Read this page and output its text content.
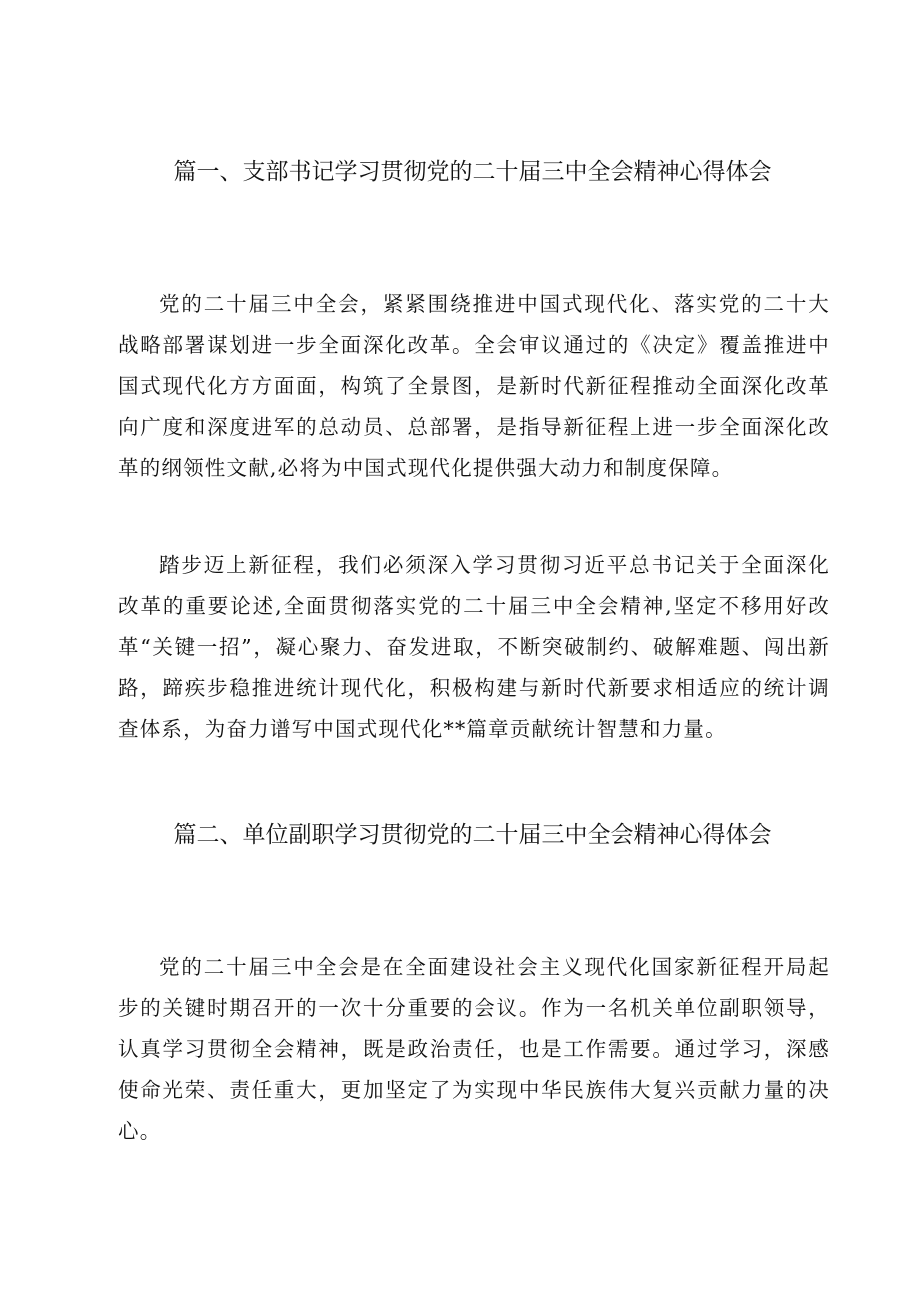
篇一、支部书记学习贯彻党的二十届三中全会精神心得体会

党的二十届三中全会，紧紧围绕推进中国式现代化、落实党的二十大战略部署谋划进一步全面深化改革。全会审议通过的《决定》覆盖推进中国式现代化方方面面，构筑了全景图，是新时代新征程推动全面深化改革向广度和深度进军的总动员、总部署，是指导新征程上进一步全面深化改革的纲领性文献,必将为中国式现代化提供强大动力和制度保障。

踏步迈上新征程，我们必须深入学习贯彻习近平总书记关于全面深化改革的重要论述,全面贯彻落实党的二十届三中全会精神,坚定不移用好改革“关键一招”，凝心聚力、奋发进取，不断突破制约、破解难题、闯出新路，蹄疾步稳推进统计现代化，积极构建与新时代新要求相适应的统计调查体系，为奋力谱写中国式现代化**篇章贡献统计智慧和力量。

篇二、单位副职学习贯彻党的二十届三中全会精神心得体会

党的二十届三中全会是在全面建设社会主义现代化国家新征程开局起步的关键时期召开的一次十分重要的会议。作为一名机关单位副职领导，认真学习贯彻全会精神，既是政治责任，也是工作需要。通过学习，深感使命光荣、责任重大，更加坚定了为实现中华民族伟大复兴贡献力量的决心。
